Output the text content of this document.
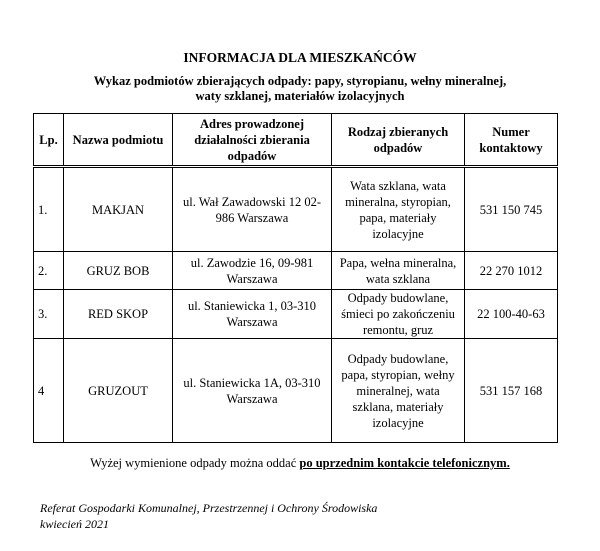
INFORMACJA DLA MIESZKAŃCÓW
Wykaz podmiotów zbierających odpady: papy, styropianu, wełny mineralnej,
waty szklanej, materiałów izolacyjnych
Lp.	Nazwa podmiotu	Adres prowadzonej działalności zbierania odpadów	Rodzaj zbieranych odpadów	Numer kontaktowy
1.	MAKJAN	ul. Wał Zawadowski 12 02-986 Warszawa	Wata szklana, wata mineralna, styropian, papa, materiały izolacyjne	531 150 745
2.	GRUZ BOB	ul. Zawodzie 16, 09-981 Warszawa	Papa, wełna mineralna, wata szklana	22 270 1012
3.	RED SKOP	ul. Staniewicka 1, 03-310 Warszawa	Odpady budowlane, śmieci po zakończeniu remontu, gruz	22 100-40-63
4	GRUZOUT	ul. Staniewicka 1A, 03-310 Warszawa	Odpady budowlane, papa, styropian, wełny mineralnej, wata szklana, materiały izolacyjne	531 157 168
Wyżej wymienione odpady można oddać po uprzednim kontakcie telefonicznym.
Referat Gospodarki Komunalnej, Przestrzennej i Ochrony Środowiska
kwiecień 2021
